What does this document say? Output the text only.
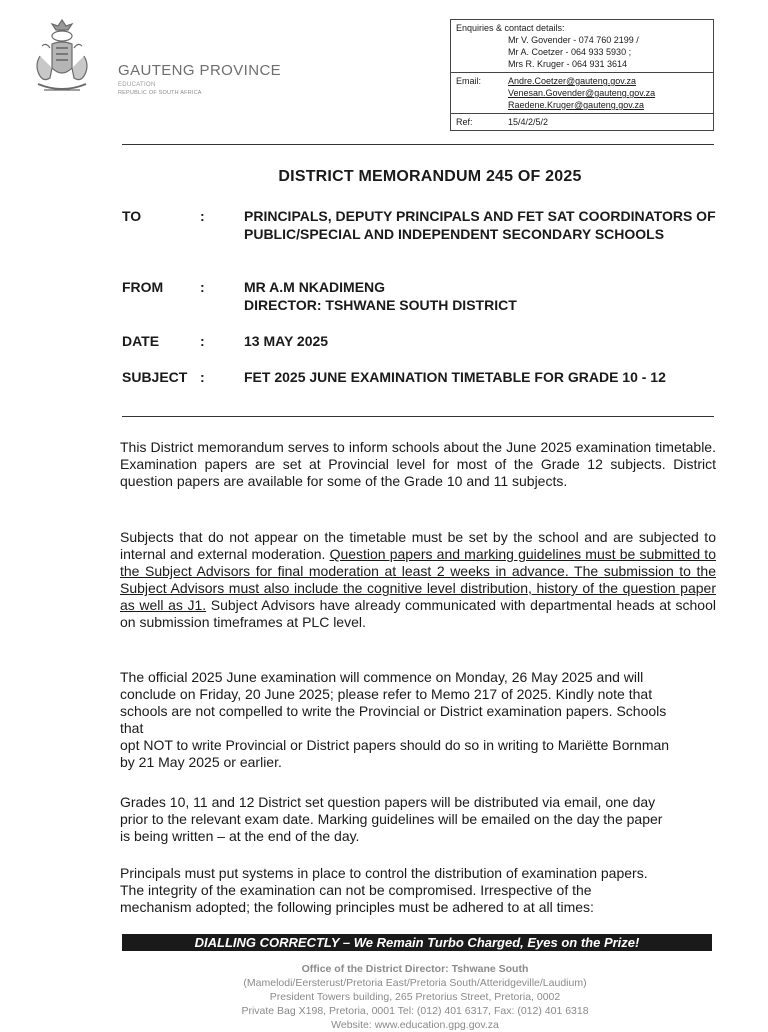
GAUTENG PROVINCE
EDUCATION
REPUBLIC OF SOUTH AFRICA
Enquiries & contact details:
Mr V. Govender - 074 760 2199 /
Mr A. Coetzer - 064 933 5930 ;
Mrs R. Kruger - 064 931 3614
Email:	Andre.Coetzer@gauteng.gov.za
Venesan.Govender@gauteng.gov.za
Raedene.Kruger@gauteng.gov.za
Ref:	15/4/2/5/2
DISTRICT MEMORANDUM 245 OF 2025
TO	:	PRINCIPALS, DEPUTY PRINCIPALS AND FET SAT COORDINATORS OF PUBLIC/SPECIAL AND INDEPENDENT SECONDARY SCHOOLS
FROM	:	MR A.M NKADIMENG
DIRECTOR: TSHWANE SOUTH DISTRICT
DATE	:	13 MAY 2025
SUBJECT :	FET 2025 JUNE EXAMINATION TIMETABLE FOR GRADE 10 - 12

This District memorandum serves to inform schools about the June 2025 examination timetable. Examination papers are set at Provincial level for most of the Grade 12 subjects. District question papers are available for some of the Grade 10 and 11 subjects.

Subjects that do not appear on the timetable must be set by the school and are subjected to internal and external moderation. Question papers and marking guidelines must be submitted to the Subject Advisors for final moderation at least 2 weeks in advance. The submission to the Subject Advisors must also include the cognitive level distribution, history of the question paper as well as J1. Subject Advisors have already communicated with departmental heads at school on submission timeframes at PLC level.

The official 2025 June examination will commence on Monday, 26 May 2025 and will
conclude on Friday, 20 June 2025; please refer to Memo 217 of 2025. Kindly note that
schools are not compelled to write the Provincial or District examination papers. Schools
that
opt NOT to write Provincial or District papers should do so in writing to Mariëtte Bornman
by 21 May 2025 or earlier.
Grades 10, 11 and 12 District set question papers will be distributed via email, one day
prior to the relevant exam date. Marking guidelines will be emailed on the day the paper
is being written – at the end of the day.
Principals must put systems in place to control the distribution of examination papers.
The integrity of the examination can not be compromised. Irrespective of the
mechanism adopted; the following principles must be adhered to at all times:
DIALLING CORRECTLY – We Remain Turbo Charged, Eyes on the Prize!
Office of the District Director: Tshwane South
(Mamelodi/Eersterust/Pretoria East/Pretoria South/Atteridgeville/Laudium)
President Towers building, 265 Pretorius Street, Pretoria, 0002
Private Bag X198, Pretoria, 0001 Tel: (012) 401 6317, Fax: (012) 401 6318
Website: www.education.gpg.gov.za
